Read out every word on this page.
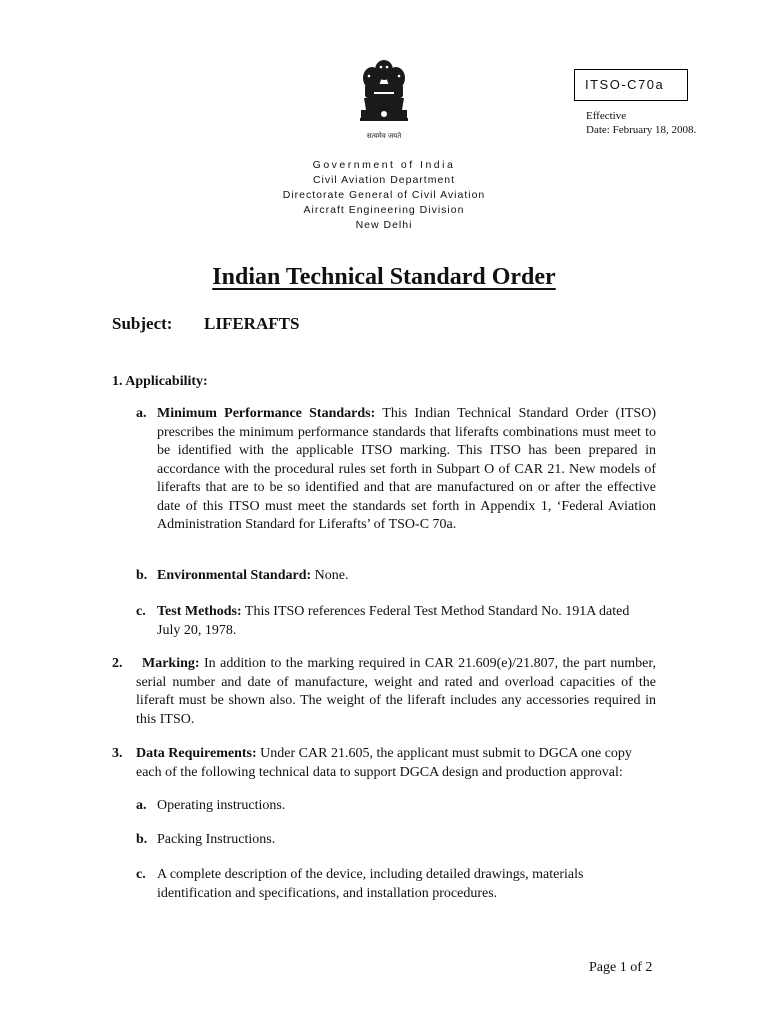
सत्यमेव जयते
ITSO-C70a
Effective
Date: February 18, 2008.
Government of India
Civil Aviation Department
Directorate General of Civil Aviation
Aircraft Engineering Division
New Delhi
Indian Technical Standard Order
Subject: LIFERAFTS
1. Applicability:
a. Minimum Performance Standards: This Indian Technical Standard Order (ITSO) prescribes the minimum performance standards that liferafts combinations must meet to be identified with the applicable ITSO marking. This ITSO has been prepared in accordance with the procedural rules set forth in Subpart O of CAR 21. New models of liferafts that are to be so identified and that are manufactured on or after the effective date of this ITSO must meet the standards set forth in Appendix 1, ‘Federal Aviation Administration Standard for Liferafts’ of TSO-C 70a.
b. Environmental Standard: None.
c. Test Methods: This ITSO references Federal Test Method Standard No. 191A dated July 20, 1978.
2.	Marking: In addition to the marking required in CAR 21.609(e)/21.807, the part number, serial number and date of manufacture, weight and rated and overload capacities of the liferaft must be shown also. The weight of the liferaft includes any accessories required in this ITSO.
3. Data Requirements: Under CAR 21.605, the applicant must submit to DGCA one copy each of the following technical data to support DGCA design and production approval:
a. Operating instructions.
b. Packing Instructions.
c. A complete description of the device, including detailed drawings, materials identification and specifications, and installation procedures.
Page 1 of 2
